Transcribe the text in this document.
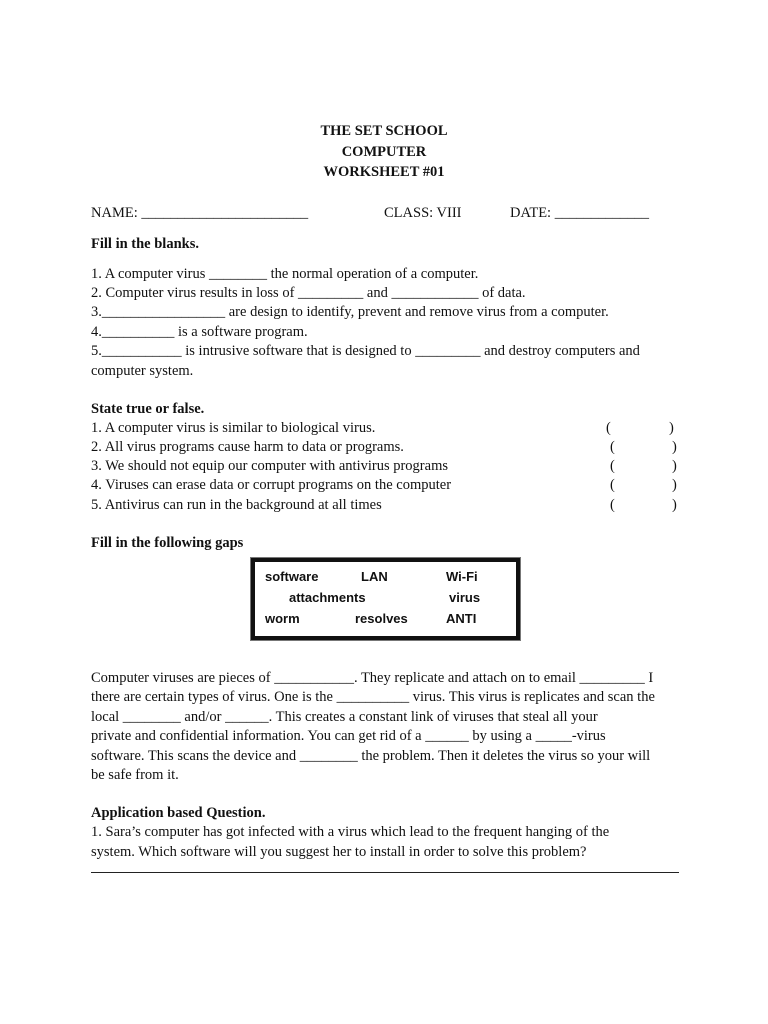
THE SET SCHOOL
COMPUTER
WORKSHEET #01
NAME: _______________________	CLASS: VIII	DATE: _____________
Fill in the blanks.
1. A computer virus ________ the normal operation of a computer.
2. Computer virus results in loss of _________ and ____________ of data.
3._________________ are design to identify, prevent and remove virus from a computer.
4.__________ is a software program.
5.___________ is intrusive software that is designed to _________ and destroy computers and
computer system.
State true or false.
1. A computer virus is similar to biological virus.	(	)
2. All virus programs cause harm to data or programs.	(	)
3. We should not equip our computer with antivirus programs	(	)
4. Viruses can erase data or corrupt programs on the computer	(	)
5. Antivirus can run in the background at all times	(	)
Fill in the following gaps
software	LAN	Wi-Fi
attachments	virus
worm	resolves	ANTI
Computer viruses are pieces of ___________. They replicate and attach on to email _________ I
there are certain types of virus. One is the __________ virus. This virus is replicates and scan the
local ________ and/or ______. This creates a constant link of viruses that steal all your
private and confidential information. You can get rid of a ______ by using a _____-virus
software. This scans the device and ________ the problem. Then it deletes the virus so your will
be safe from it.
Application based Question.
1. Sara’s computer has got infected with a virus which lead to the frequent hanging of the
system. Which software will you suggest her to install in order to solve this problem?
